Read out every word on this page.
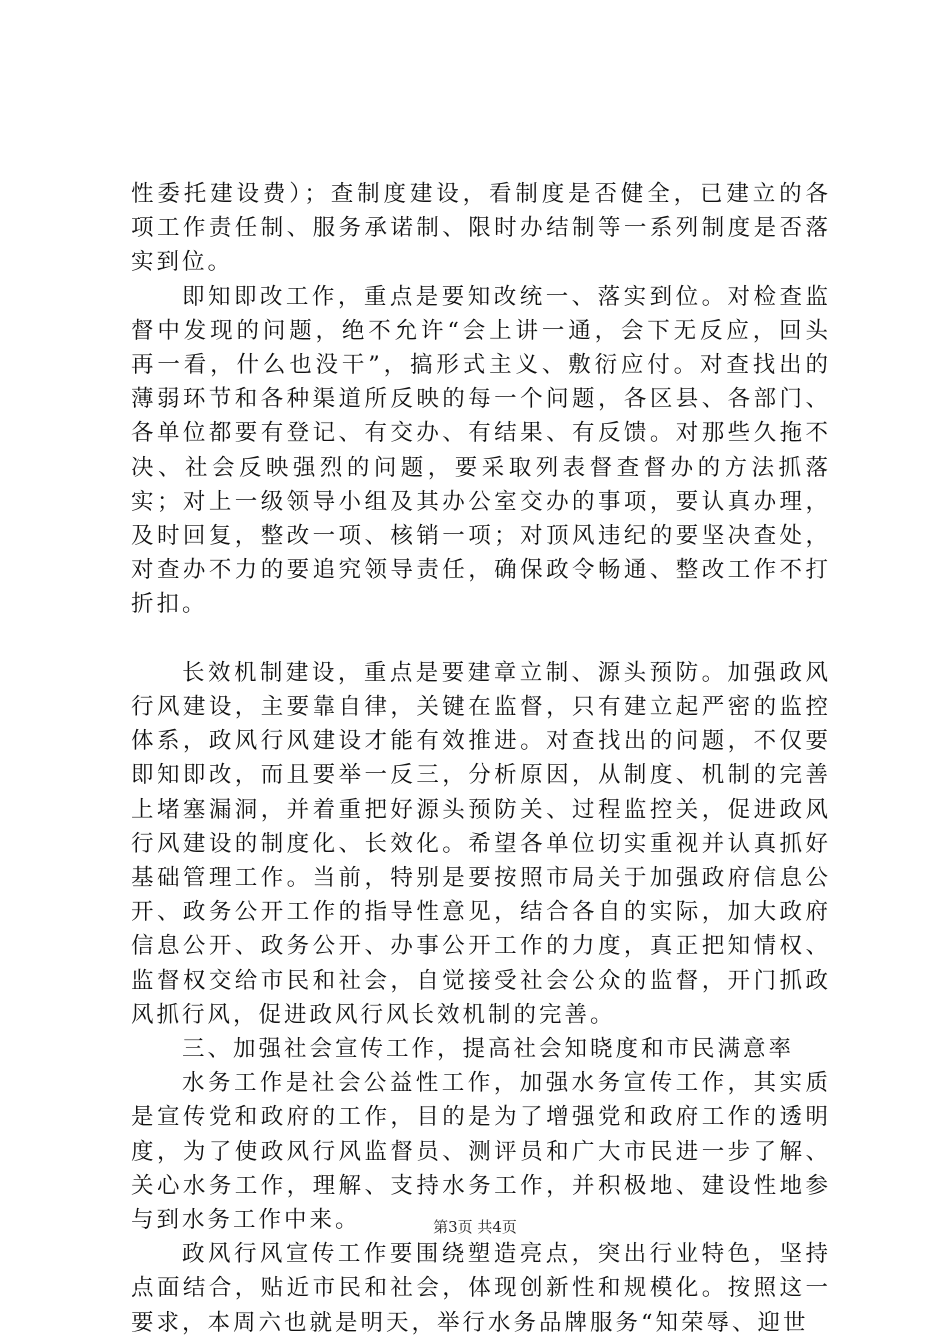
性委托建设费）；查制度建设，看制度是否健全，已建立的各项工作责任制、服务承诺制、限时办结制等一系列制度是否落实到位。

即知即改工作，重点是要知改统一、落实到位。对检查监督中发现的问题，绝不允许“会上讲一通，会下无反应，回头再一看，什么也没干”，搞形式主义、敷衍应付。对查找出的薄弱环节和各种渠道所反映的每一个问题，各区县、各部门、各单位都要有登记、有交办、有结果、有反馈。对那些久拖不决、社会反映强烈的问题，要采取列表督查督办的方法抓落实；对上一级领导小组及其办公室交办的事项，要认真办理，及时回复，整改一项、核销一项；对顶风违纪的要坚决查处，对查办不力的要追究领导责任，确保政令畅通、整改工作不打折扣。

长效机制建设，重点是要建章立制、源头预防。加强政风行风建设，主要靠自律，关键在监督，只有建立起严密的监控体系，政风行风建设才能有效推进。对查找出的问题，不仅要即知即改，而且要举一反三，分析原因，从制度、机制的完善上堵塞漏洞，并着重把好源头预防关、过程监控关，促进政风行风建设的制度化、长效化。希望各单位切实重视并认真抓好基础管理工作。当前，特别是要按照市局关于加强政府信息公开、政务公开工作的指导性意见，结合各自的实际，加大政府信息公开、政务公开、办事公开工作的力度，真正把知情权、监督权交给市民和社会，自觉接受社会公众的监督，开门抓政风抓行风，促进政风行风长效机制的完善。

三、加强社会宣传工作，提高社会知晓度和市民满意率

水务工作是社会公益性工作，加强水务宣传工作，其实质是宣传党和政府的工作，目的是为了增强党和政府工作的透明度，为了使政风行风监督员、测评员和广大市民进一步了解、关心水务工作，理解、支持水务工作，并积极地、建设性地参与到水务工作中来。

政风行风宣传工作要围绕塑造亮点，突出行业特色，坚持点面结合，贴近市民和社会，体现创新性和规模化。按照这一要求，本周六也就是明天，举行水务品牌服务“知荣辱、迎世

第3页 共4页
